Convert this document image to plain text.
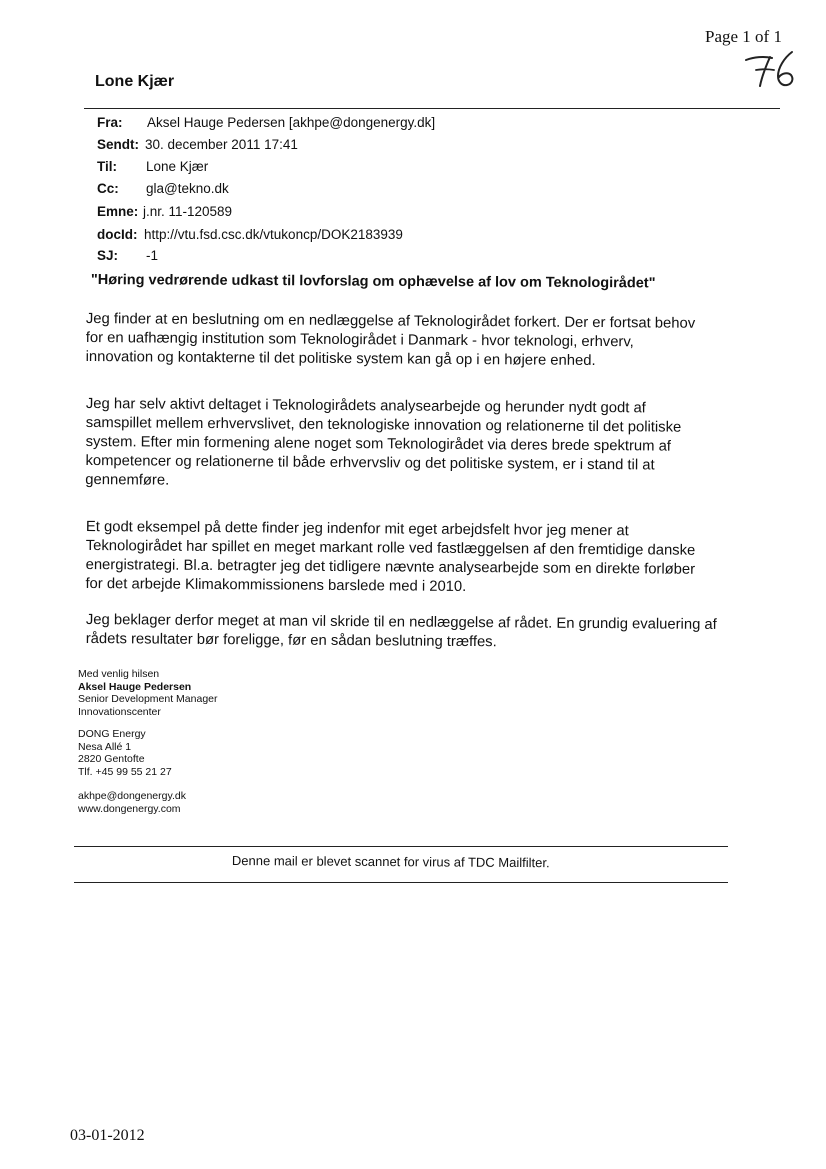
Page 1 of 1
Lone Kjær
Fra: Aksel Hauge Pedersen [akhpe@dongenergy.dk]
Sendt: 30. december 2011 17:41
Til: Lone Kjær
Cc: gla@tekno.dk
Emne: j.nr. 11-120589
docId: http://vtu.fsd.csc.dk/vtukoncp/DOK2183939
SJ: -1
"Høring vedrørende udkast til lovforslag om ophævelse af lov om Teknologirådet"
Jeg finder at en beslutning om en nedlæggelse af Teknologirådet forkert. Der er fortsat behov
for en uafhængig institution som Teknologirådet i Danmark - hvor teknologi, erhverv,
innovation og kontakterne til det politiske system kan gå op i en højere enhed.
Jeg har selv aktivt deltaget i Teknologirådets analysearbejde og herunder nydt godt af
samspillet mellem erhvervslivet, den teknologiske innovation og relationerne til det politiske
system. Efter min formening alene noget som Teknologirådet via deres brede spektrum af
kompetencer og relationerne til både erhvervsliv og det politiske system, er i stand til at
gennemføre.
Et godt eksempel på dette finder jeg indenfor mit eget arbejdsfelt hvor jeg mener at
Teknologirådet har spillet en meget markant rolle ved fastlæggelsen af den fremtidige danske
energistrategi. Bl.a. betragter jeg det tidligere nævnte analysearbejde som en direkte forløber
for det arbejde Klimakommissionens barslede med i 2010.
Jeg beklager derfor meget at man vil skride til en nedlæggelse af rådet. En grundig evaluering af
rådets resultater bør foreligge, før en sådan beslutning træffes.
Med venlig hilsen
Aksel Hauge Pedersen
Senior Development Manager
Innovationscenter
DONG Energy
Nesa Allé 1
2820 Gentofte
Tlf. +45 99 55 21 27
akhpe@dongenergy.dk
www.dongenergy.com
Denne mail er blevet scannet for virus af TDC Mailfilter.
03-01-2012
